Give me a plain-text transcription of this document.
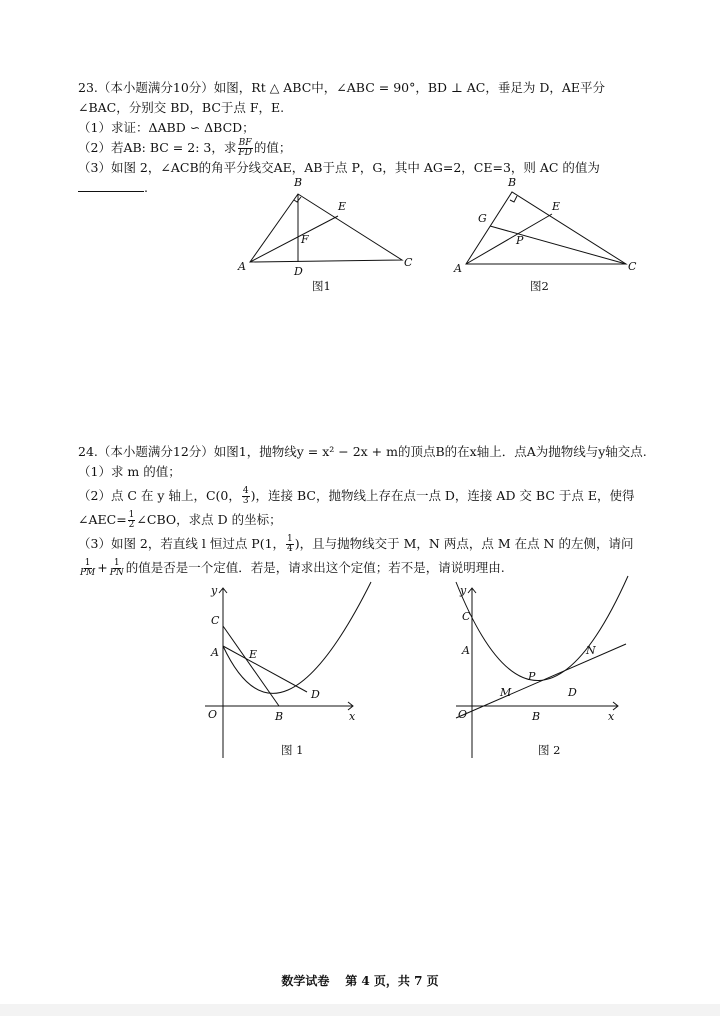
23.（本小题满分10分）如图，Rt △ ABC中，∠ABC = 90°，BD ⊥ AC，垂足为 D，AE平分∠BAC，分别交 BD，BC于点 F，E.

（1）求证：ΔABD ∽ ΔBCD；

（2）若AB: BC = 2: 3，求 $\frac{BF}{FD}$ 的值；

（3）如图 2，∠ACB的角平分线交AE，AB于点 P，G，其中 AG=2，CE=3，则 AC 的值为.	B
A	C
D
E
F
图1
B
A	C
E
G
P
图2

24.（本小题满分12分）如图1，抛物线y = x² − 2x + m的顶点B的在x轴上．点A为抛物线与y轴交点.

（1）求 m 的值；

（2）点 C 在 y 轴上，C(0， $\frac{4}{3}$ )，连接 BC，抛物线上存在点一点 D，连接 AD 交 BC 于点 E，使得∠AEC= $\frac{1}{2}$ ∠CBO，求点 D 的坐标；

（3）如图 2，若直线 l 恒过点 P(1， $\frac{1}{4}$ )，且与抛物线交于 M，N 两点，点 M 在点 N 的左侧，请问
$\frac{1}{PM} + \frac{1}{PN}$ 的值是否是一个定值．若是，请求出这个定值；若不是，请说明理由.

y
x
O
C
A	E
B
D
图 1
y
x
O
C
A
M
P
B
D
N
图 2
数学试卷 第 4 页，共 7 页
